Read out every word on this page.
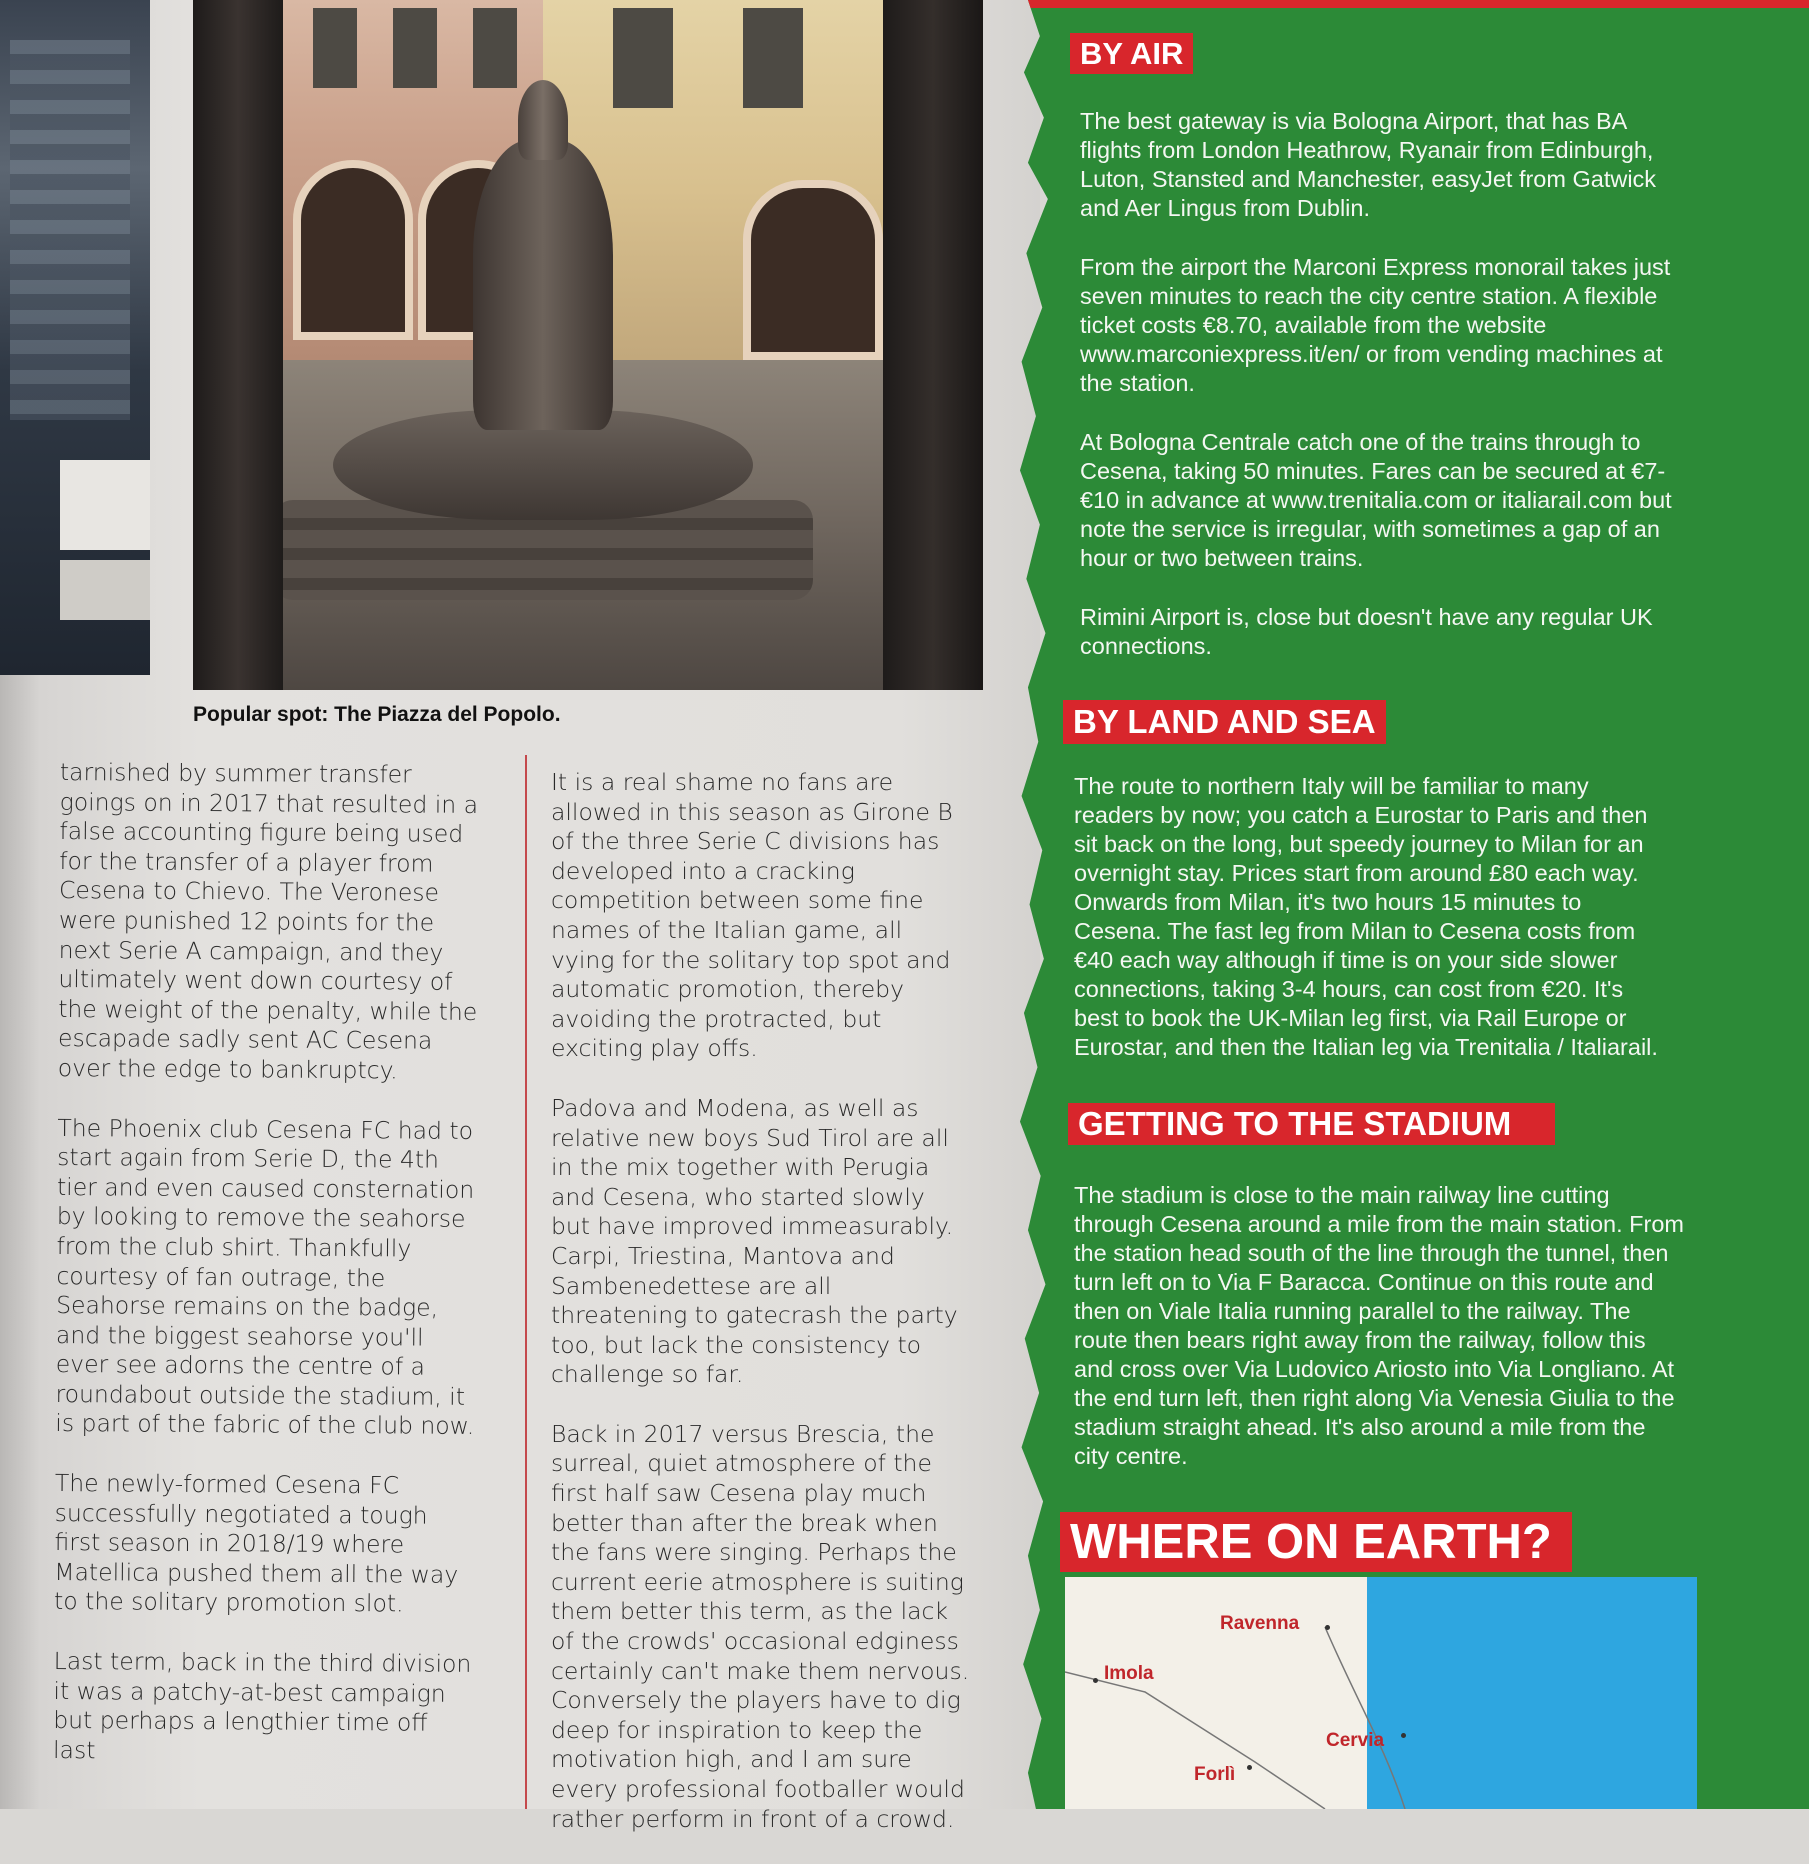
Popular spot: The Piazza del Popolo.

tarnished by summer transfer goings on in 2017 that resulted in a false accounting figure being used for the transfer of a player from Cesena to Chievo. The Veronese were punished 12 points for the next Serie A campaign, and they ultimately went down courtesy of the weight of the penalty, while the escapade sadly sent AC Cesena over the edge to bankruptcy.

The Phoenix club Cesena FC had to start again from Serie D, the 4th tier and even caused consternation by looking to remove the seahorse from the club shirt. Thankfully courtesy of fan outrage, the Seahorse remains on the badge, and the biggest seahorse you'll ever see adorns the centre of a roundabout outside the stadium, it is part of the fabric of the club now.

The newly-formed Cesena FC successfully negotiated a tough first season in 2018/19 where Matellica pushed them all the way to the solitary promotion slot.

Last term, back in the third division it was a patchy-at-best campaign but perhaps a lengthier time off last

It is a real shame no fans are allowed in this season as Girone B of the three Serie C divisions has developed into a cracking competition between some fine names of the Italian game, all vying for the solitary top spot and automatic promotion, thereby avoiding the protracted, but exciting play offs.

Padova and Modena, as well as relative new boys Sud Tirol are all in the mix together with Perugia and Cesena, who started slowly but have improved immeasurably. Carpi, Triestina, Mantova and Sambenedettese are all threatening to gatecrash the party too, but lack the consistency to challenge so far.

Back in 2017 versus Brescia, the surreal, quiet atmosphere of the first half saw Cesena play much better than after the break when the fans were singing. Perhaps the current eerie atmosphere is suiting them better this term, as the lack of the crowds' occasional edginess certainly can't make them nervous. Conversely the players have to dig deep for inspiration to keep the motivation high, and I am sure every professional footballer would rather perform in front of a crowd.

BY AIR

The best gateway is via Bologna Airport, that has BA flights from London Heathrow, Ryanair from Edinburgh, Luton, Stansted and Manchester, easyJet from Gatwick and Aer Lingus from Dublin.

From the airport the Marconi Express monorail takes just seven minutes to reach the city centre station. A flexible ticket costs €8.70, available from the website www.marconiexpress.it/en/ or from vending machines at the station.

At Bologna Centrale catch one of the trains through to Cesena, taking 50 minutes. Fares can be secured at €7-€10 in advance at www.trenitalia.com or italiarail.com but note the service is irregular, with sometimes a gap of an hour or two between trains.

Rimini Airport is, close but doesn't have any regular UK connections.

BY LAND AND SEA

The route to northern Italy will be familiar to many readers by now; you catch a Eurostar to Paris and then sit back on the long, but speedy journey to Milan for an overnight stay. Prices start from around £80 each way. Onwards from Milan, it's two hours 15 minutes to Cesena. The fast leg from Milan to Cesena costs from €40 each way although if time is on your side slower connections, taking 3-4 hours, can cost from €20. It's best to book the UK-Milan leg first, via Rail Europe or Eurostar, and then the Italian leg via Trenitalia / Italiarail.

GETTING TO THE STADIUM

The stadium is close to the main railway line cutting through Cesena around a mile from the main station. From the station head south of the line through the tunnel, then turn left on to Via F Baracca. Continue on this route and then on Viale Italia running parallel to the railway. The route then bears right away from the railway, follow this and cross over Via Ludovico Ariosto into Via Longliano. At the end turn left, then right along Via Venesia Giulia to the stadium straight ahead. It's also around a mile from the city centre.

WHERE ON EARTH?
Ravenna
Imola
Cervia
Forlì
